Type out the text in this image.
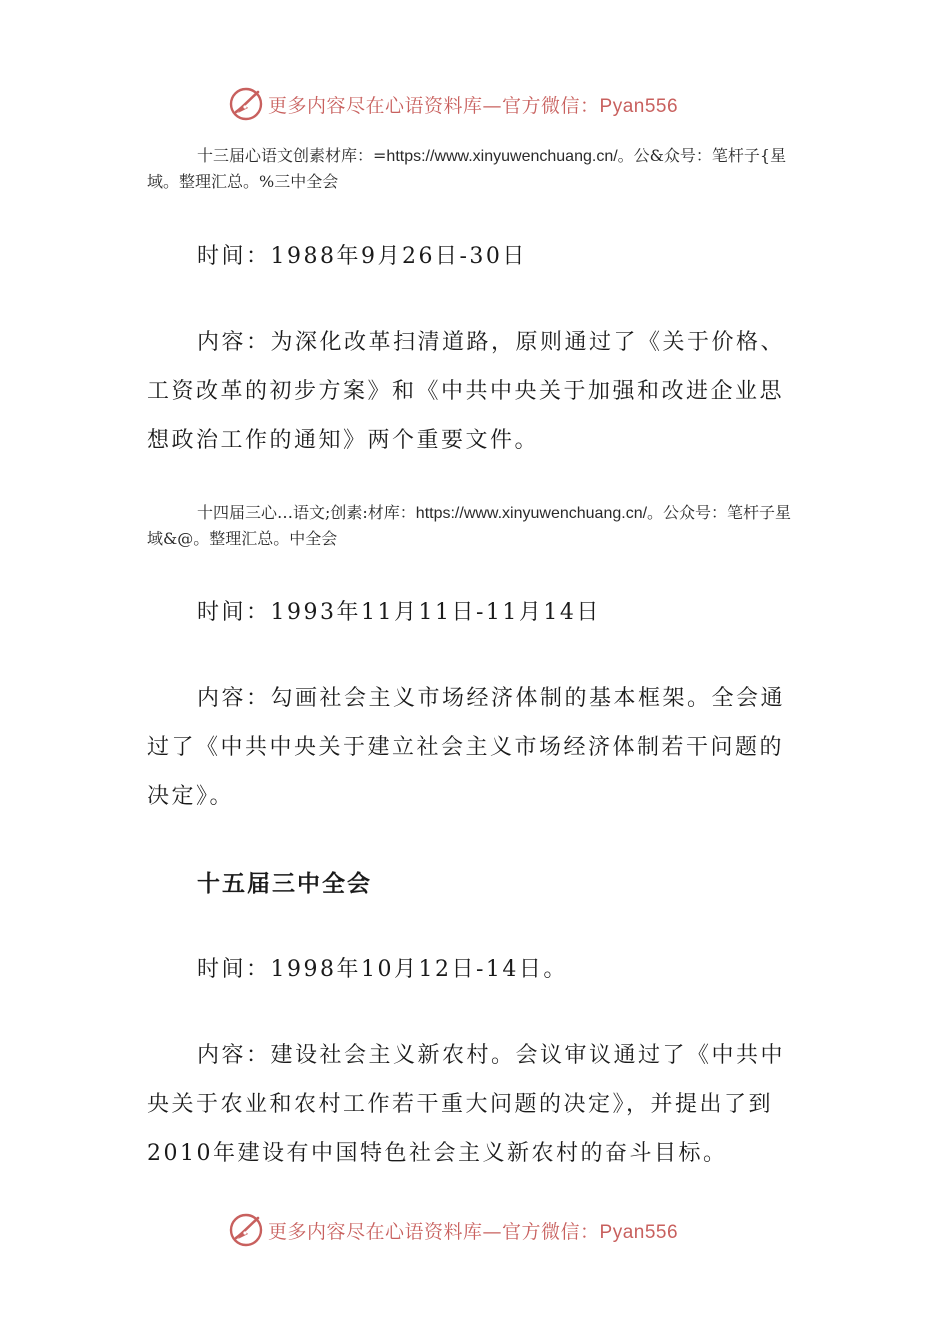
更多内容尽在心语资料库—官方微信：Pyan556

十三届心语文创素材库：=https://www.xinyuwenchuang.cn/。公&众号：笔杆子{星域。整理汇总。%三中全会

时间：1988年9月26日-30日

内容：为深化改革扫清道路，原则通过了《关于价格、工资改革的初步方案》和《中共中央关于加强和改进企业思想政治工作的通知》两个重要文件。

十四届三心…语文;创素:材库：https://www.xinyuwenchuang.cn/。公众号：笔杆子星域&@。整理汇总。中全会

时间：1993年11月11日-11月14日

内容：勾画社会主义市场经济体制的基本框架。全会通过了《中共中央关于建立社会主义市场经济体制若干问题的决定》。

十五届三中全会

时间：1998年10月12日-14日。

内容：建设社会主义新农村。会议审议通过了《中共中央关于农业和农村工作若干重大问题的决定》，并提出了到2010年建设有中国特色社会主义新农村的奋斗目标。

更多内容尽在心语资料库—官方微信：Pyan556
